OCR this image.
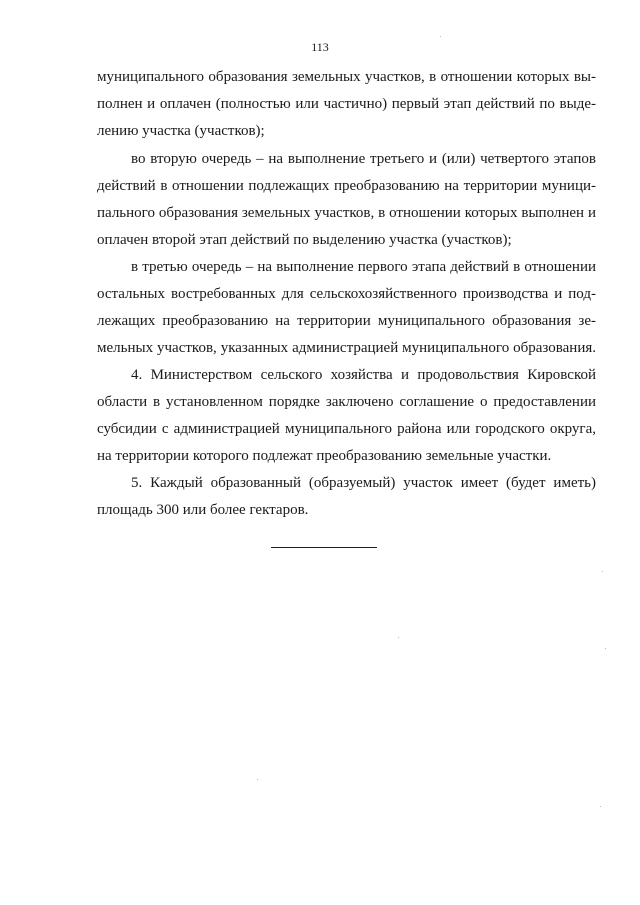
113
муниципального образования земельных участков, в отношении которых вы-
полнен и оплачен (полностью или частично) первый этап действий по выде-
лению участка (участков);
во вторую очередь – на выполнение третьего и (или) четвертого этапов
действий в отношении подлежащих преобразованию на территории муници-
пального образования земельных участков, в отношении которых выполнен и
оплачен второй этап действий по выделению участка (участков);
в третью очередь – на выполнение первого этапа действий в отношении
остальных востребованных для сельскохозяйственного производства и под-
лежащих преобразованию на территории муниципального образования зе-
мельных участков, указанных администрацией муниципального образования.
4. Министерством сельского хозяйства и продовольствия Кировской
области в установленном порядке заключено соглашение о предоставлении
субсидии с администрацией муниципального района или городского округа,
на территории которого подлежат преобразованию земельные участки.
5. Каждый образованный (образуемый) участок имеет (будет иметь)
площадь 300 или более гектаров.
